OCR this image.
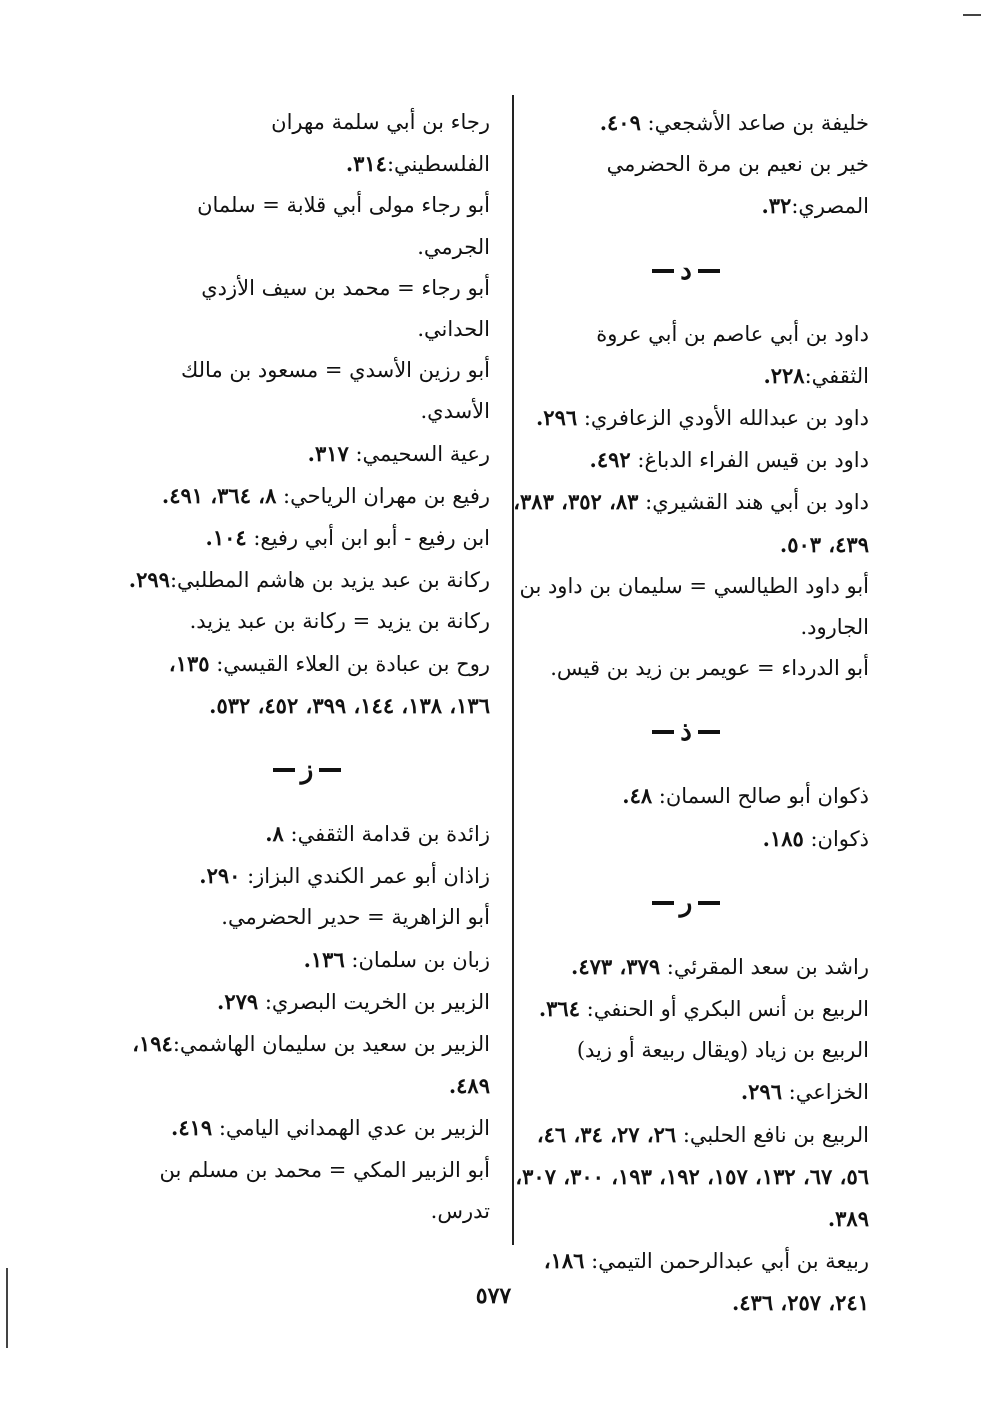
خليفة بن صاعد الأشجعي: ٤٠٩.
خير بن نعيم بن مرة الحضرمي المصري:٣٢.
د
داود بن أبي عاصم بن أبي عروة الثقفي:٢٢٨.
داود بن عبدالله الأودي الزعافري: ٢٩٦.
داود بن قيس الفراء الدباغ: ٤٩٢.
داود بن أبي هند القشيري: ٨٣، ٣٥٢، ٣٨٣، ٤٣٩، ٥٠٣.
أبو داود الطيالسي = سليمان بن داود بن الجارود.
أبو الدرداء = عويمر بن زيد بن قيس.
ذ
ذكوان أبو صالح السمان: ٤٨.
ذكوان: ١٨٥.
ر
راشد بن سعد المقرئي: ٣٧٩، ٤٧٣.
الربيع بن أنس البكري أو الحنفي: ٣٦٤.
الربيع بن زياد (ويقال ربيعة أو زيد) الخزاعي: ٢٩٦.
الربيع بن نافع الحلبي: ٢٦، ٢٧، ٣٤، ٤٦، ٥٦، ٦٧، ١٣٢، ١٥٧، ١٩٢، ١٩٣، ٣٠٠، ٣٠٧، ٣٨٩.
ربيعة بن أبي عبدالرحمن التيمي: ١٨٦، ٢٤١، ٢٥٧، ٤٣٦.
رجاء بن أبي سلمة مهران الفلسطيني:٣١٤.
أبو رجاء مولى أبي قلابة = سلمان الجرمي.
أبو رجاء = محمد بن سيف الأزدي الحداني.
أبو رزين الأسدي = مسعود بن مالك الأسدي.
رعية السحيمي: ٣١٧.
رفيع بن مهران الرياحي: ٨، ٣٦٤، ٤٩١.
ابن رفيع - أبو ابن أبي رفيع: ١٠٤.
ركانة بن عبد يزيد بن هاشم المطلبي:٢٩٩.
ركانة بن يزيد = ركانة بن عبد يزيد.
روح بن عبادة بن العلاء القيسي: ١٣٥، ١٣٦، ١٣٨، ١٤٤، ٣٩٩، ٤٥٢، ٥٣٢.
ز
زائدة بن قدامة الثقفي: ٨.
زاذان أبو عمر الكندي البزاز: ٢٩٠.
أبو الزاهرية = حدير الحضرمي.
زبان بن سلمان: ١٣٦.
الزبير بن الخريت البصري: ٢٧٩.
الزبير بن سعيد بن سليمان الهاشمي:١٩٤، ٤٨٩.
الزبير بن عدي الهمداني اليامي: ٤١٩.
أبو الزبير المكي = محمد بن مسلم بن تدرس.
٥٧٧
